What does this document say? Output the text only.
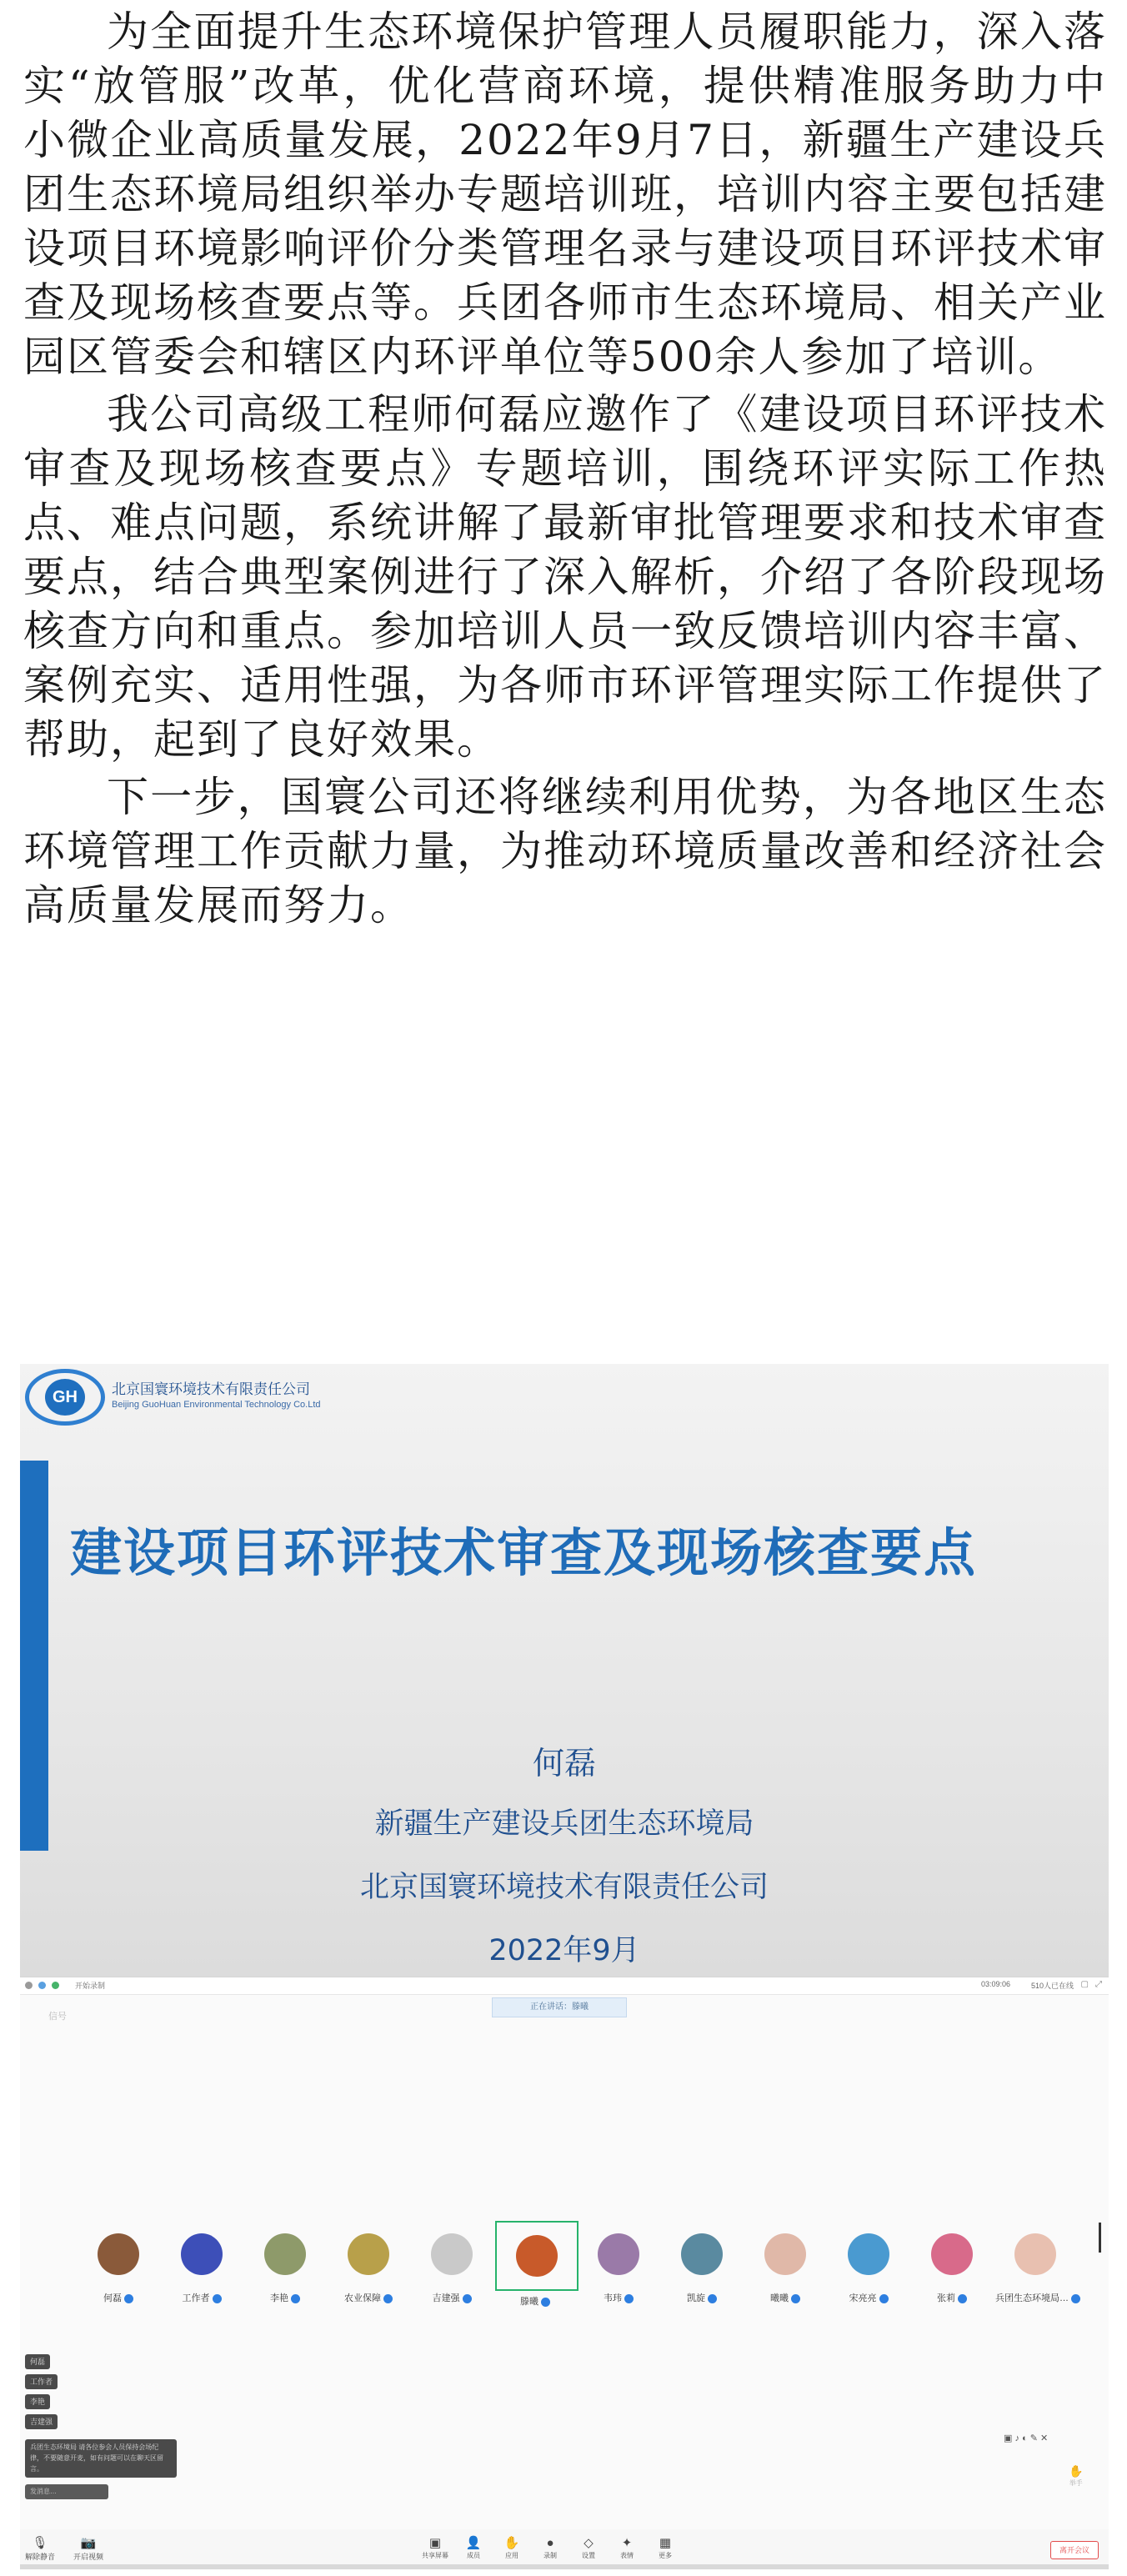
为全面提升生态环境保护管理人员履职能力，深入落实“放管服”改革，优化营商环境，提供精准服务助力中小微企业高质量发展，2022年9月7日，新疆生产建设兵团生态环境局组织举办专题培训班，培训内容主要包括建设项目环境影响评价分类管理名录与建设项目环评技术审查及现场核查要点等。兵团各师市生态环境局、相关产业园区管委会和辖区内环评单位等500余人参加了培训。

我公司高级工程师何磊应邀作了《建设项目环评技术审查及现场核查要点》专题培训，围绕环评实际工作热点、难点问题，系统讲解了最新审批管理要求和技术审查要点，结合典型案例进行了深入解析，介绍了各阶段现场核查方向和重点。参加培训人员一致反馈培训内容丰富、案例充实、适用性强，为各师市环评管理实际工作提供了帮助，起到了良好效果。

下一步，国寰公司还将继续利用优势，为各地区生态环境管理工作贡献力量，为推动环境质量改善和经济社会高质量发展而努力。

GH	北京国寰环境技术有限责任公司
Beijing GuoHuan Environmental Technology Co.Ltd
建设项目环评技术审查及现场核查要点
何磊
新疆生产建设兵团生态环境局
北京国寰环境技术有限责任公司
2022年9月
开始录制	03:09:06	510人已在线 ▢ ⤢
信号
正在讲话：滕曦
何磊	工作者	李艳	农业保障	吉建强	滕曦	韦玮	凯旋	曦曦	宋亮亮	张莉	兵团生态环境局…
何磊
工作者
李艳
吉建强
兵团生态环境局 请各位参会人员保持会场纪律，不要随意开麦，如有问题可以在聊天区留言。
发消息…
▣ ♪ ◐ ✎ ✕
✋
举手
🎙
解除静音
📷
开启视频
▣
共享屏幕
👤
成员
✋
应用
●
录制
◇
设置
✦
表情
▦
更多
离开会议
